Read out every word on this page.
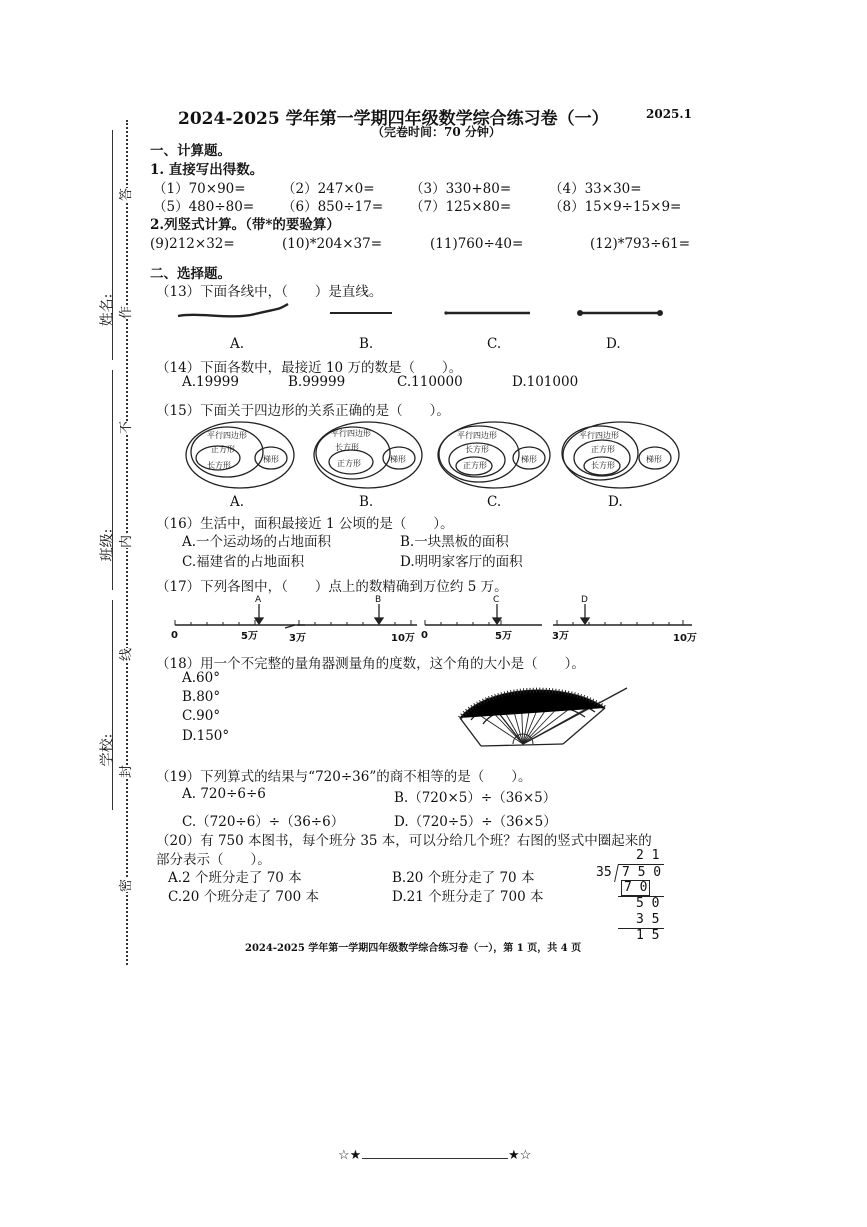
姓名:
班级:
学校:
答
作
不
内
线
封
密
2024-2025 学年第一学期四年级数学综合练习卷（一）	2025.1
（完卷时间：70 分钟）
一、计算题。
1. 直接写出得数。
（1）70×90=	（2）247×0=	（3）330+80=	（4）33×30=
（5）480÷80= （6）850÷17= （7）125×80=	（8）15×9÷15×9=
2.列竖式计算。（带*的要验算）
(9)212×32=	(10)*204×37=	(11)760÷40=	(12)*793÷61=
二、选择题。
（13）下面各线中，（　　）是直线。
A.	B.	C.	D.
（14）下面各数中，最接近 10 万的数是（　　）。
A.19999	B.99999	C.110000	D.101000
（15）下面关于四边形的关系正确的是（　　）。
平行四边形
正方形
长方形
梯形
平行四边形
长方形
正方形	梯形
平行四边形
长方形
正方形
梯形
平行四边形
正方形
长方形
梯形
A.	B.	C.	D.
（16）生活中，面积最接近 1 公顷的是（　　）。
A.一个运动场的占地面积	B.一块黑板的面积
C.福建省的占地面积	D.明明家客厅的面积
（17）下列各图中，（　　）点上的数精确到万位约 5 万。
A	B	C	D
0	5万	3万	10万 0	5万	3万	10万
（18）用一个不完整的量角器测量角的度数，这个角的大小是（　　）。
A.60°
B.80°
C.90°
D.150°
（19）下列算式的结果与“720÷36”的商不相等的是（　　）。
A. 720÷6÷6	B.（720×5）÷（36×5）
C.（720÷6）÷（36÷6）	D.（720÷5）÷（36×5）
（20）有 750 本图书，每个班分 35 本，可以分给几个班？右图的竖式中圈起来的
部分表示（　　）。
A.2 个班分走了 70 本	B.20 个班分走了 70 本
C.20 个班分走了 700 本	D.21 个班分走了 700 本
2 1
35 7 5 0
7 0
5 0
3 5
1 5
2024-2025 学年第一学期四年级数学综合练习卷（一），第 1 页，共 4 页
☆★	★☆
